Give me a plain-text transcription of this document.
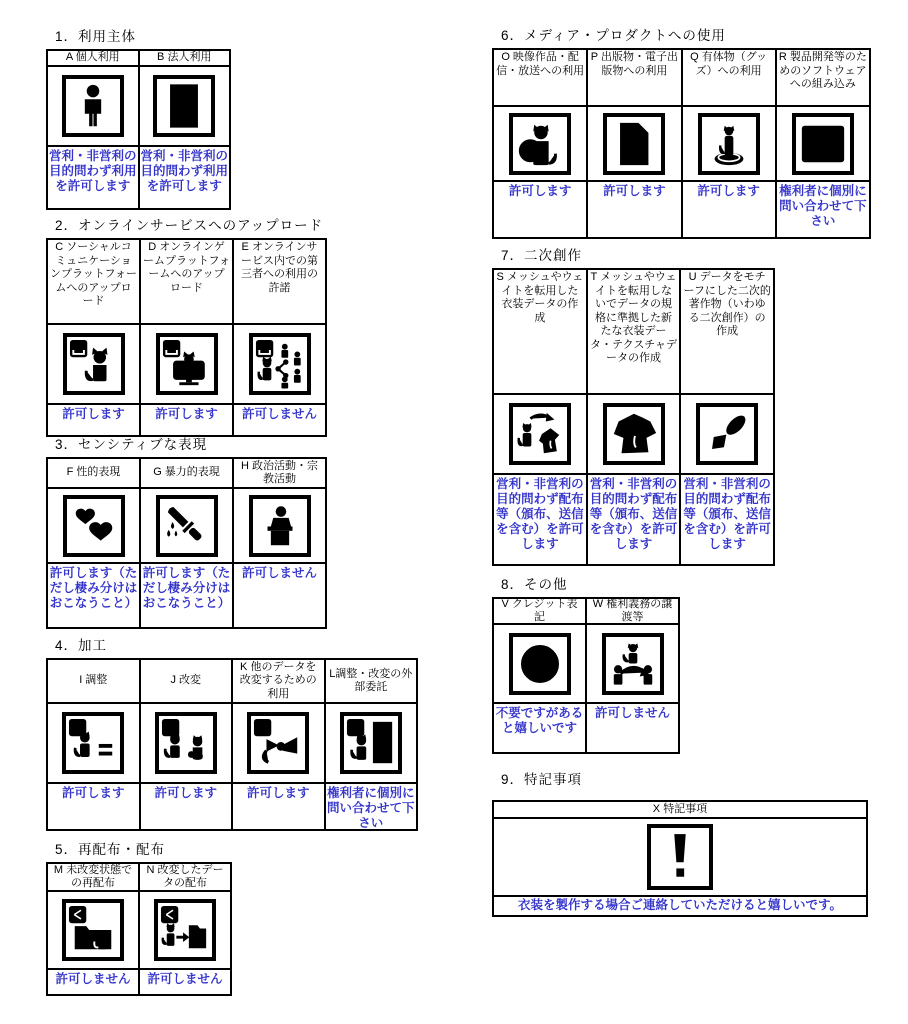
1．利用主体
A 個人利用
営利・非営利の目的問わず利用を許可します
B 法人利用
営利・非営利の目的問わず利用を許可します
2．オンラインサービスへのアップロード
C ソーシャルコミュニケーションプラットフォームへのアップロード
許可します
D オンラインゲームプラットフォームへのアップロード
許可します
E オンラインサービス内での第三者への利用の許諾
許可しません
3．センシティブな表現
F 性的表現
許可します（ただし棲み分けはおこなうこと）
G 暴力的表現
許可します（ただし棲み分けはおこなうこと）
H 政治活動・宗教活動
許可しません
4．加工
I 調整
許可します
J 改変
許可します
K 他のデータを改変するための利用
許可します
L調整・改変の外部委託
権利者に個別に問い合わせて下さい
5．再配布・配布
M 未改変状態での再配布
許可しません
N 改変したデータの配布
許可しません
6．メディア・プロダクトへの使用
O 映像作品・配信・放送への利用
許可します
P 出版物・電子出版物への利用
許可します
Q 有体物（グッズ）への利用
許可します
R 製品開発等のためのソフトウェアへの組み込み
権利者に個別に問い合わせて下さい
7．二次創作
S メッシュやウェイトを転用した衣装データの作成
営利・非営利の目的問わず配布等（頒布、送信を含む）を許可します
T メッシュやウェイトを転用しないでデータの規格に準拠した新たな衣装データ・テクスチャデータの作成
営利・非営利の目的問わず配布等（頒布、送信を含む）を許可します
U データをモチーフにした二次的著作物（いわゆる二次創作）の作成
営利・非営利の目的問わず配布等（頒布、送信を含む）を許可します
8．その他
V クレジット表記
不要ですがあると嬉しいです
W 権利義務の譲渡等
許可しません
9．特記事項
X 特記事項
衣装を製作する場合ご連絡していただけると嬉しいです。
